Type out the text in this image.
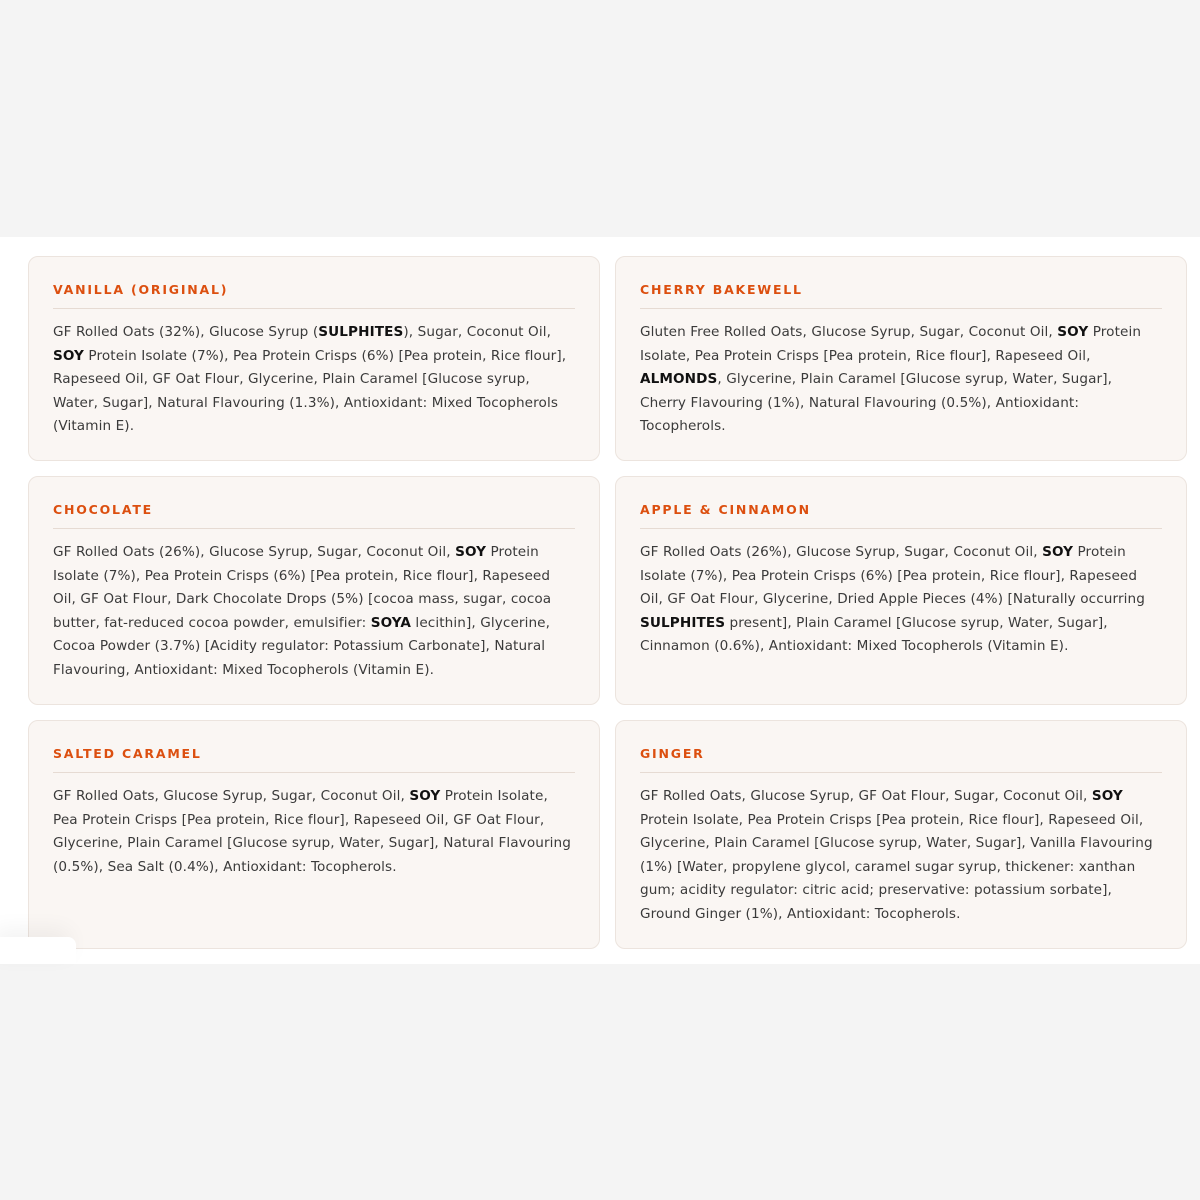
VANILLA (ORIGINAL)
GF Rolled Oats (32%), Glucose Syrup (SULPHITES), Sugar, Coconut Oil, SOY Protein Isolate (7%), Pea Protein Crisps (6%) [Pea protein, Rice flour], Rapeseed Oil, GF Oat Flour, Glycerine, Plain Caramel [Glucose syrup, Water, Sugar], Natural Flavouring (1.3%), Antioxidant: Mixed Tocopherols (Vitamin E).
CHERRY BAKEWELL
Gluten Free Rolled Oats, Glucose Syrup, Sugar, Coconut Oil, SOY Protein Isolate, Pea Protein Crisps [Pea protein, Rice flour], Rapeseed Oil, ALMONDS, Glycerine, Plain Caramel [Glucose syrup, Water, Sugar], Cherry Flavouring (1%), Natural Flavouring (0.5%), Antioxidant: Tocopherols.
CHOCOLATE
GF Rolled Oats (26%), Glucose Syrup, Sugar, Coconut Oil, SOY Protein Isolate (7%), Pea Protein Crisps (6%) [Pea protein, Rice flour], Rapeseed Oil, GF Oat Flour, Dark Chocolate Drops (5%) [cocoa mass, sugar, cocoa butter, fat-reduced cocoa powder, emulsifier: SOYA lecithin], Glycerine, Cocoa Powder (3.7%) [Acidity regulator: Potassium Carbonate], Natural Flavouring, Antioxidant: Mixed Tocopherols (Vitamin E).
APPLE & CINNAMON
GF Rolled Oats (26%), Glucose Syrup, Sugar, Coconut Oil, SOY Protein Isolate (7%), Pea Protein Crisps (6%) [Pea protein, Rice flour], Rapeseed Oil, GF Oat Flour, Glycerine, Dried Apple Pieces (4%) [Naturally occurring SULPHITES present], Plain Caramel [Glucose syrup, Water, Sugar], Cinnamon (0.6%), Antioxidant: Mixed Tocopherols (Vitamin E).
SALTED CARAMEL
GF Rolled Oats, Glucose Syrup, Sugar, Coconut Oil, SOY Protein Isolate, Pea Protein Crisps [Pea protein, Rice flour], Rapeseed Oil, GF Oat Flour, Glycerine, Plain Caramel [Glucose syrup, Water, Sugar], Natural Flavouring (0.5%), Sea Salt (0.4%), Antioxidant: Tocopherols.
GINGER
GF Rolled Oats, Glucose Syrup, GF Oat Flour, Sugar, Coconut Oil, SOY Protein Isolate, Pea Protein Crisps [Pea protein, Rice flour], Rapeseed Oil, Glycerine, Plain Caramel [Glucose syrup, Water, Sugar], Vanilla Flavouring (1%) [Water, propylene glycol, caramel sugar syrup, thickener: xanthan gum; acidity regulator: citric acid; preservative: potassium sorbate], Ground Ginger (1%), Antioxidant: Tocopherols.
